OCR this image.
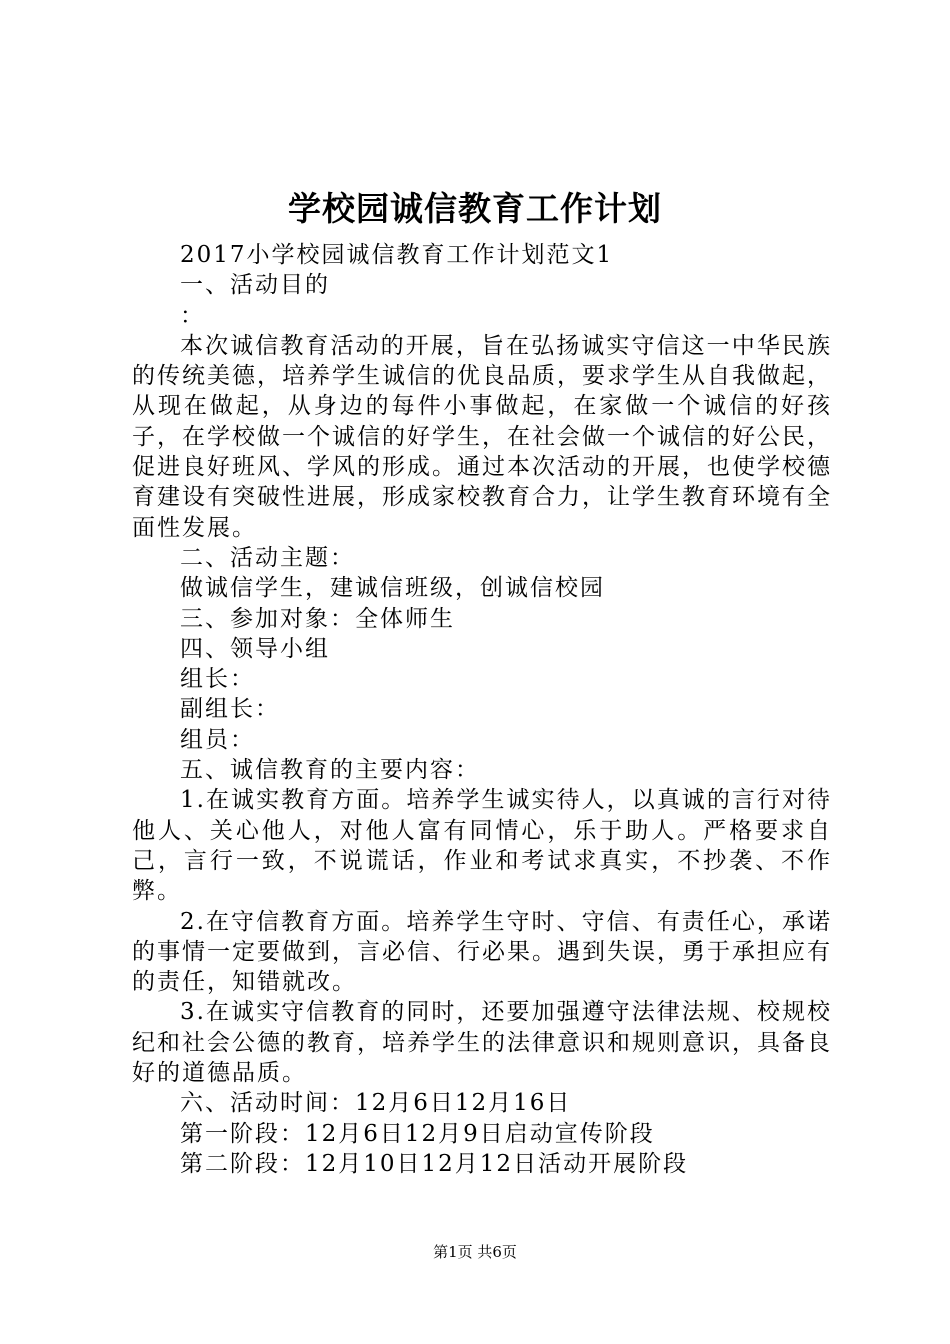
学校园诚信教育工作计划

2017小学校园诚信教育工作计划范文1

一、活动目的

：

本次诚信教育活动的开展，旨在弘扬诚实守信这一中华民族的传统美德，培养学生诚信的优良品质，要求学生从自我做起，从现在做起，从身边的每件小事做起，在家做一个诚信的好孩子，在学校做一个诚信的好学生，在社会做一个诚信的好公民，促进良好班风、学风的形成。通过本次活动的开展，也使学校德育建设有突破性进展，形成家校教育合力，让学生教育环境有全面性发展。

二、活动主题：

做诚信学生，建诚信班级，创诚信校园

三、参加对象：全体师生

四、领导小组

组长：

副组长：

组员：

五、诚信教育的主要内容：

1.在诚实教育方面。培养学生诚实待人，以真诚的言行对待他人、关心他人，对他人富有同情心，乐于助人。严格要求自己，言行一致，不说谎话，作业和考试求真实，不抄袭、不作弊。

2.在守信教育方面。培养学生守时、守信、有责任心，承诺的事情一定要做到，言必信、行必果。遇到失误，勇于承担应有的责任，知错就改。

3.在诚实守信教育的同时，还要加强遵守法律法规、校规校纪和社会公德的教育，培养学生的法律意识和规则意识，具备良好的道德品质。

六、活动时间：12月6日12月16日

第一阶段：12月6日12月9日启动宣传阶段

第二阶段：12月10日12月12日活动开展阶段

第1页 共6页
